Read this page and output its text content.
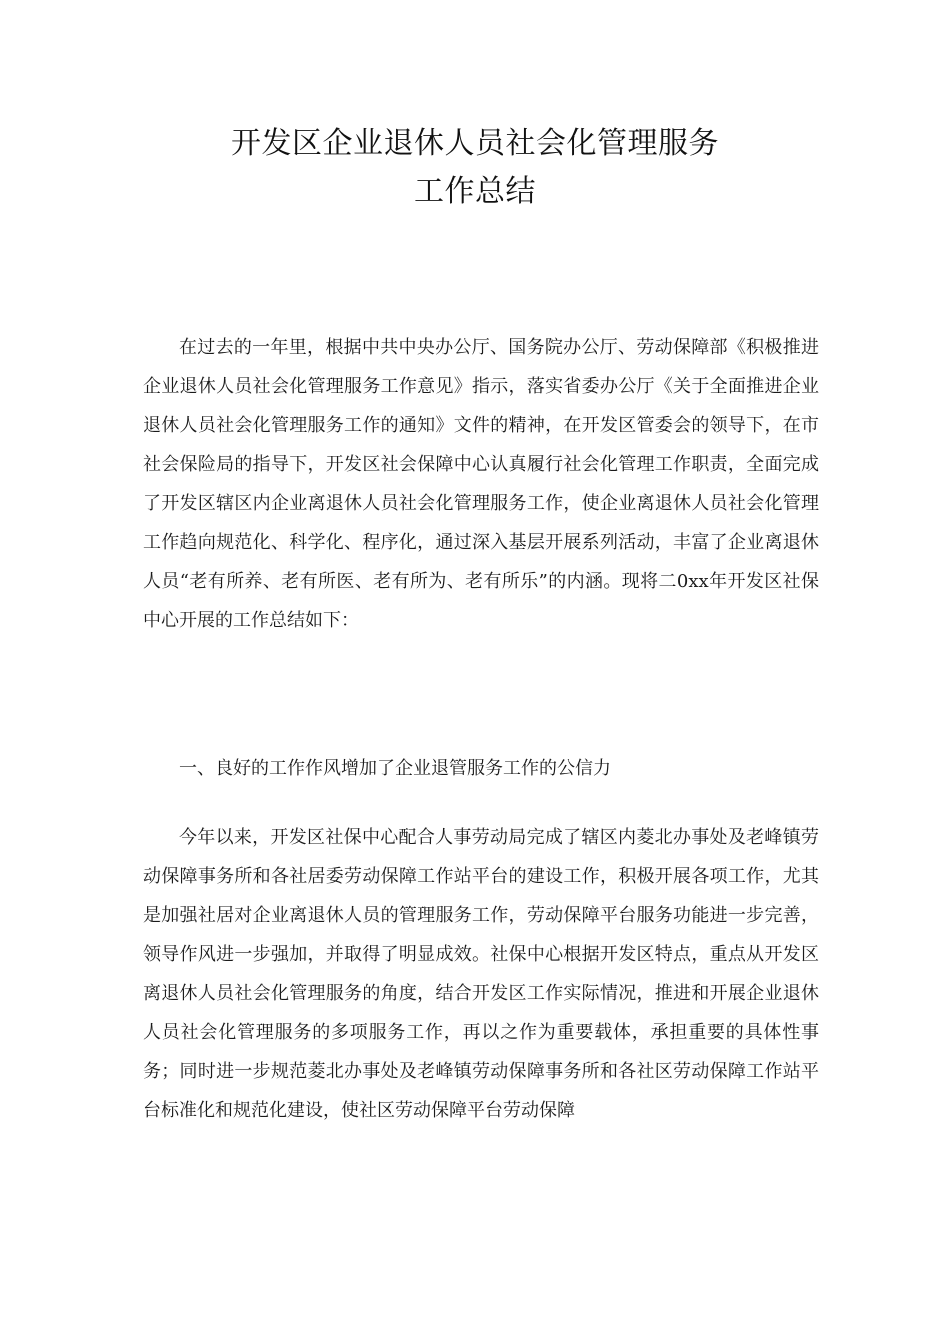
开发区企业退休人员社会化管理服务
工作总结

在过去的一年里，根据中共中央办公厅、国务院办公厅、劳动保障部《积极推进企业退休人员社会化管理服务工作意见》指示，落实省委办公厅《关于全面推进企业退休人员社会化管理服务工作的通知》文件的精神，在开发区管委会的领导下，在市社会保险局的指导下，开发区社会保障中心认真履行社会化管理工作职责，全面完成了开发区辖区内企业离退休人员社会化管理服务工作，使企业离退休人员社会化管理工作趋向规范化、科学化、程序化，通过深入基层开展系列活动，丰富了企业离退休人员“老有所养、老有所医、老有所为、老有所乐”的内涵。现将二0xx年开发区社保中心开展的工作总结如下：

一、良好的工作作风增加了企业退管服务工作的公信力

今年以来，开发区社保中心配合人事劳动局完成了辖区内菱北办事处及老峰镇劳动保障事务所和各社居委劳动保障工作站平台的建设工作，积极开展各项工作，尤其是加强社居对企业离退休人员的管理服务工作，劳动保障平台服务功能进一步完善，领导作风进一步强加，并取得了明显成效。社保中心根据开发区特点，重点从开发区离退休人员社会化管理服务的角度，结合开发区工作实际情况，推进和开展企业退休人员社会化管理服务的多项服务工作，再以之作为重要载体，承担重要的具体性事务；同时进一步规范菱北办事处及老峰镇劳动保障事务所和各社区劳动保障工作站平台标准化和规范化建设，使社区劳动保障平台劳动保障
